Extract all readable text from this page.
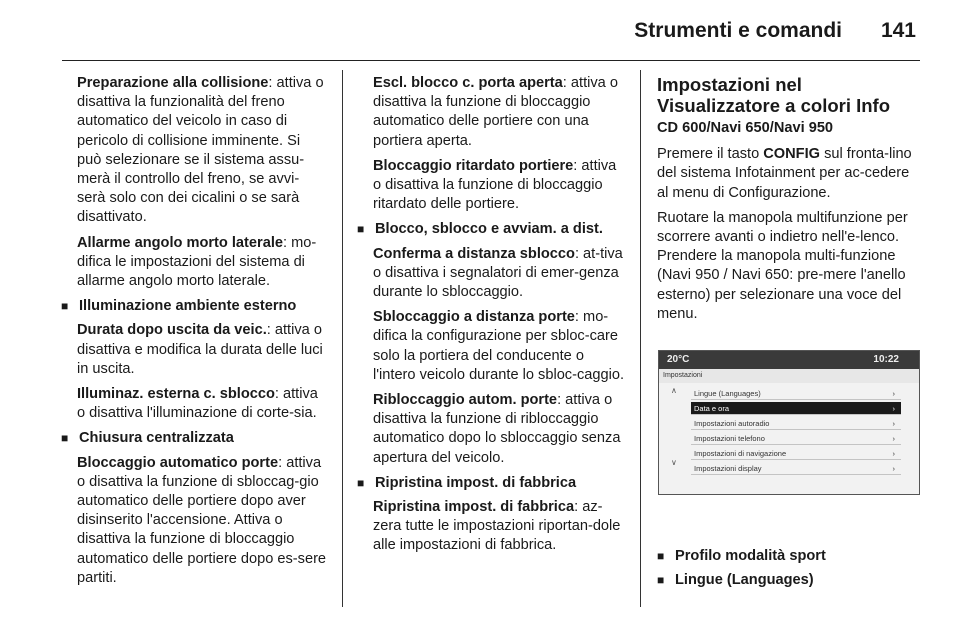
Strumenti e comandi 141

Preparazione alla collisione: attiva o disattiva la funzionalità del freno automatico del veicolo in caso di pericolo di collisione imminente. Si può selezionare se il sistema assu-merà il controllo del freno, se avvi-serà solo con dei cicalini o se sarà disattivato.

Allarme angolo morto laterale: mo-difica le impostazioni del sistema di allarme angolo morto laterale.

■ Illuminazione ambiente esterno

Durata dopo uscita da veic.: attiva o disattiva e modifica la durata delle luci in uscita.

Illuminaz. esterna c. sblocco: attiva o disattiva l'illuminazione di corte-sia.

■ Chiusura centralizzata

Bloccaggio automatico porte: attiva o disattiva la funzione di sbloccag-gio automatico delle portiere dopo aver disinserito l'accensione. Attiva o disattiva la funzione di bloccaggio automatico delle portiere dopo es-sere partiti.

Escl. blocco c. porta aperta: attiva o disattiva la funzione di bloccaggio automatico delle portiere con una portiera aperta.

Bloccaggio ritardato portiere: attiva o disattiva la funzione di bloccaggio ritardato delle portiere.

■ Blocco, sblocco e avviam. a dist.

Conferma a distanza sblocco: at-tiva o disattiva i segnalatori di emer-genza durante lo sbloccaggio.

Sbloccaggio a distanza porte: mo-difica la configurazione per sbloc-care solo la portiera del conducente o l'intero veicolo durante lo sbloc-caggio.

Ribloccaggio autom. porte: attiva o disattiva la funzione di ribloccaggio automatico dopo lo sbloccaggio senza apertura del veicolo.

■ Ripristina impost. di fabbrica

Ripristina impost. di fabbrica: az-zera tutte le impostazioni riportan-dole alle impostazioni di fabbrica.

Impostazioni nel Visualizzatore a colori Info
CD 600/Navi 650/Navi 950

Premere il tasto CONFIG sul fronta-lino del sistema Infotainment per ac-cedere al menu di Configurazione.

Ruotare la manopola multifunzione per scorrere avanti o indietro nell'e-lenco. Prendere la manopola multi-funzione (Navi 950 / Navi 650: pre-mere l'anello esterno) per selezionare una voce del menu.

■ Profilo modalità sport
■ Lingue (Languages)
20°C	10:22
Impostazioni
∧
∨
Lingue (Languages)	›
Data e ora	›
Impostazioni autoradio	›
Impostazioni telefono	›
Impostazioni di navigazione	›
Impostazioni display	›
